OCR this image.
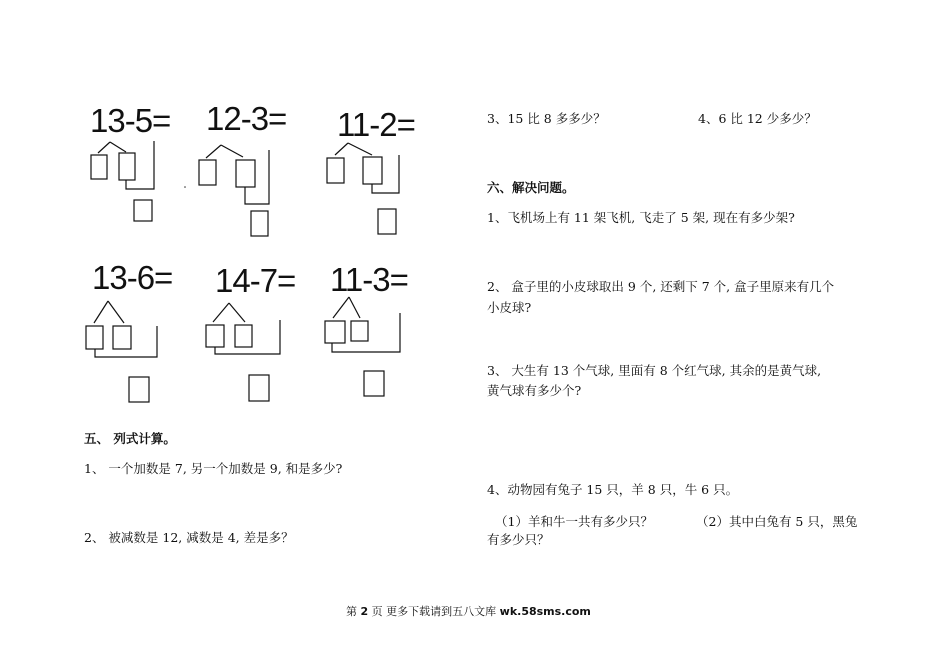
13-5= 12-3= 11-2=
13-6= 14-7= 11-3=
五、 列式计算。
1、 一个加数是 7, 另一个加数是 9, 和是多少?
2、 被减数是 12, 减数是 4, 差是多？
3、15 比 8 多多少？	4、6 比 12 少多少？
六、解决问题。
1、飞机场上有 11 架飞机, 飞走了 5 架, 现在有多少架?
2、 盒子里的小皮球取出 9 个, 还剩下 7 个, 盒子里原来有几个
小皮球?
3、 大生有 13 个气球, 里面有 8 个红气球, 其余的是黄气球,
黄气球有多少个?
4、动物园有兔子 15 只，羊 8 只，牛 6 只。
（1）羊和牛一共有多少只？	（2）其中白兔有 5 只，黑兔
有多少只？
第 2 页 更多下载请到五八文库 wk.58sms.com
